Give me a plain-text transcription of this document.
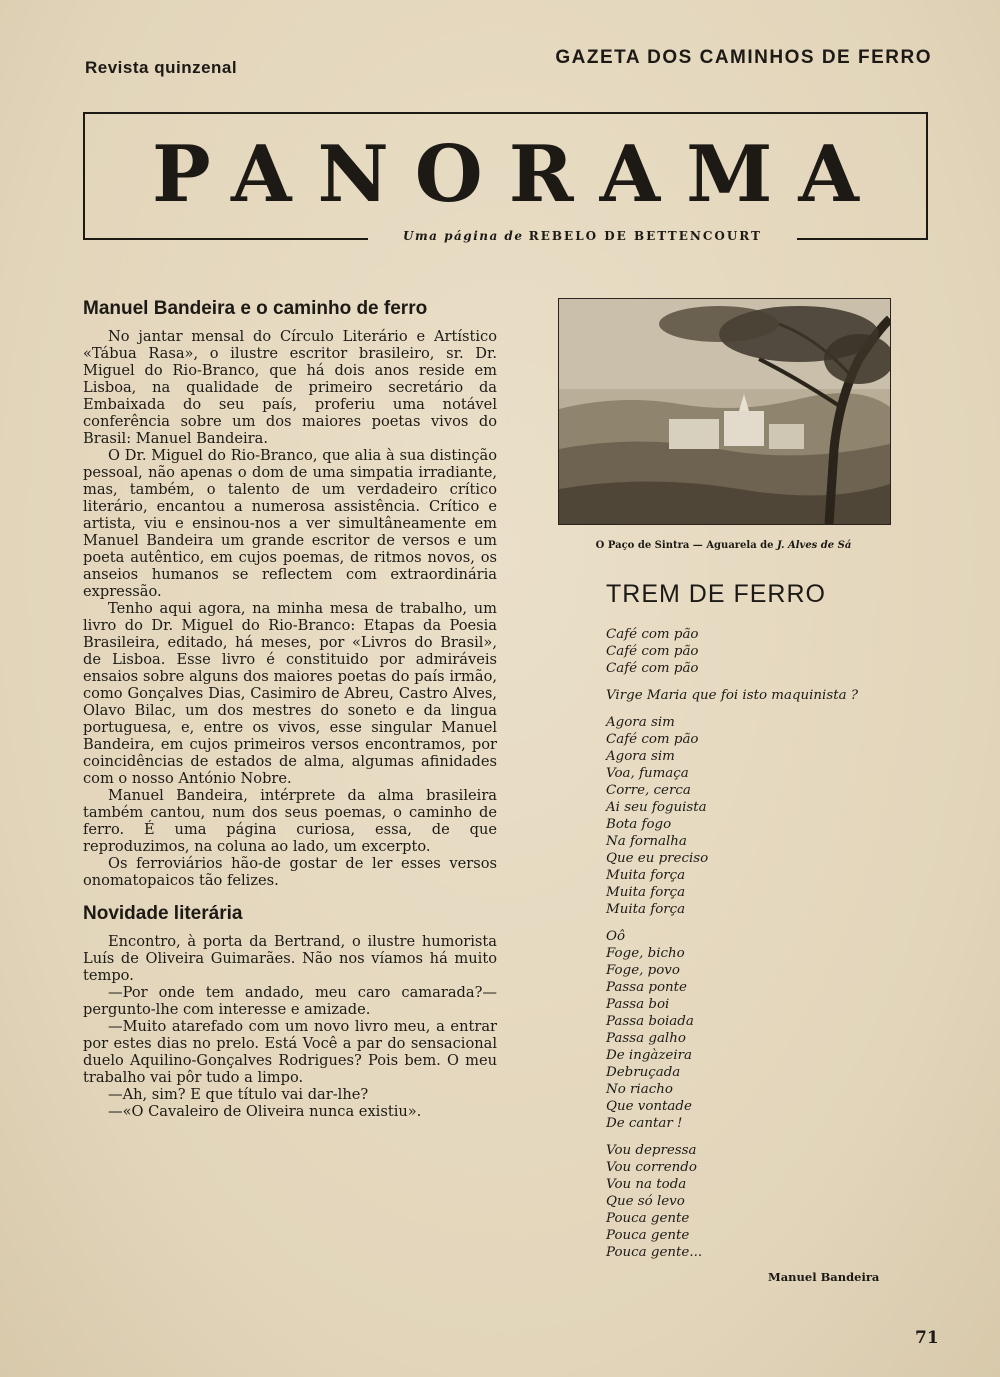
Revista quinzenal	GAZETA DOS CAMINHOS DE FERRO
PANORAMA
Uma página de REBELO DE BETTENCOURT
Manuel Bandeira e o caminho de ferro

No jantar mensal do Círculo Literário e Artístico «Tábua Rasa», o ilustre escritor brasileiro, sr. Dr. Miguel do Rio-Branco, que há dois anos reside em Lisboa, na qualidade de primeiro secretário da Embaixada do seu país, proferiu uma notável conferência sobre um dos maiores poetas vivos do Brasil: Manuel Bandeira.

O Dr. Miguel do Rio-Branco, que alia à sua distinção pessoal, não apenas o dom de uma simpatia irradiante, mas, também, o talento de um verdadeiro crítico literário, encantou a numerosa assistência. Crítico e artista, viu e ensinou-nos a ver simultâneamente em Manuel Bandeira um grande escritor de versos e um poeta autêntico, em cujos poemas, de ritmos novos, os anseios humanos se reflectem com extraordinária expressão.

Tenho aqui agora, na minha mesa de trabalho, um livro do Dr. Miguel do Rio-Branco: Etapas da Poesia Brasileira, editado, há meses, por «Livros do Brasil», de Lisboa. Esse livro é constituido por admiráveis ensaios sobre alguns dos maiores poetas do país irmão, como Gonçalves Dias, Casimiro de Abreu, Castro Alves, Olavo Bilac, um dos mestres do soneto e da lingua portuguesa, e, entre os vivos, esse singular Manuel Bandeira, em cujos primeiros versos encontramos, por coincidências de estados de alma, algumas afinidades com o nosso António Nobre.

Manuel Bandeira, intérprete da alma brasileira também cantou, num dos seus poemas, o caminho de ferro. É uma página curiosa, essa, de que reproduzimos, na coluna ao lado, um excerpto.

Os ferroviários hão-de gostar de ler esses versos onomatopaicos tão felizes.

Novidade literária

Encontro, à porta da Bertrand, o ilustre humorista Luís de Oliveira Guimarães. Não nos víamos há muito tempo.

—Por onde tem andado, meu caro camarada?— pergunto-lhe com interesse e amizade.

—Muito atarefado com um novo livro meu, a entrar por estes dias no prelo. Está Você a par do sensacional duelo Aquilino-Gonçalves Rodrigues? Pois bem. O meu trabalho vai pôr tudo a limpo.

—Ah, sim? E que título vai dar-lhe?

—«O Cavaleiro de Oliveira nunca existiu».

O Paço de Sintra — Aguarela de J. Alves de Sá
TREM DE FERRO
Café com pão
Café com pão
Café com pão
Virge Maria que foi isto maquinista ?
Agora sim
Café com pão
Agora sim
Voa, fumaça
Corre, cerca
Ai seu foguista
Bota fogo
Na fornalha
Que eu preciso
Muita força
Muita força
Muita força
Oô
Foge, bicho
Foge, povo
Passa ponte
Passa boi
Passa boiada
Passa galho
De ingàzeira
Debruçada
No riacho
Que vontade
De cantar !
Vou depressa
Vou correndo
Vou na toda
Que só levo
Pouca gente
Pouca gente
Pouca gente...
Manuel Bandeira
71
